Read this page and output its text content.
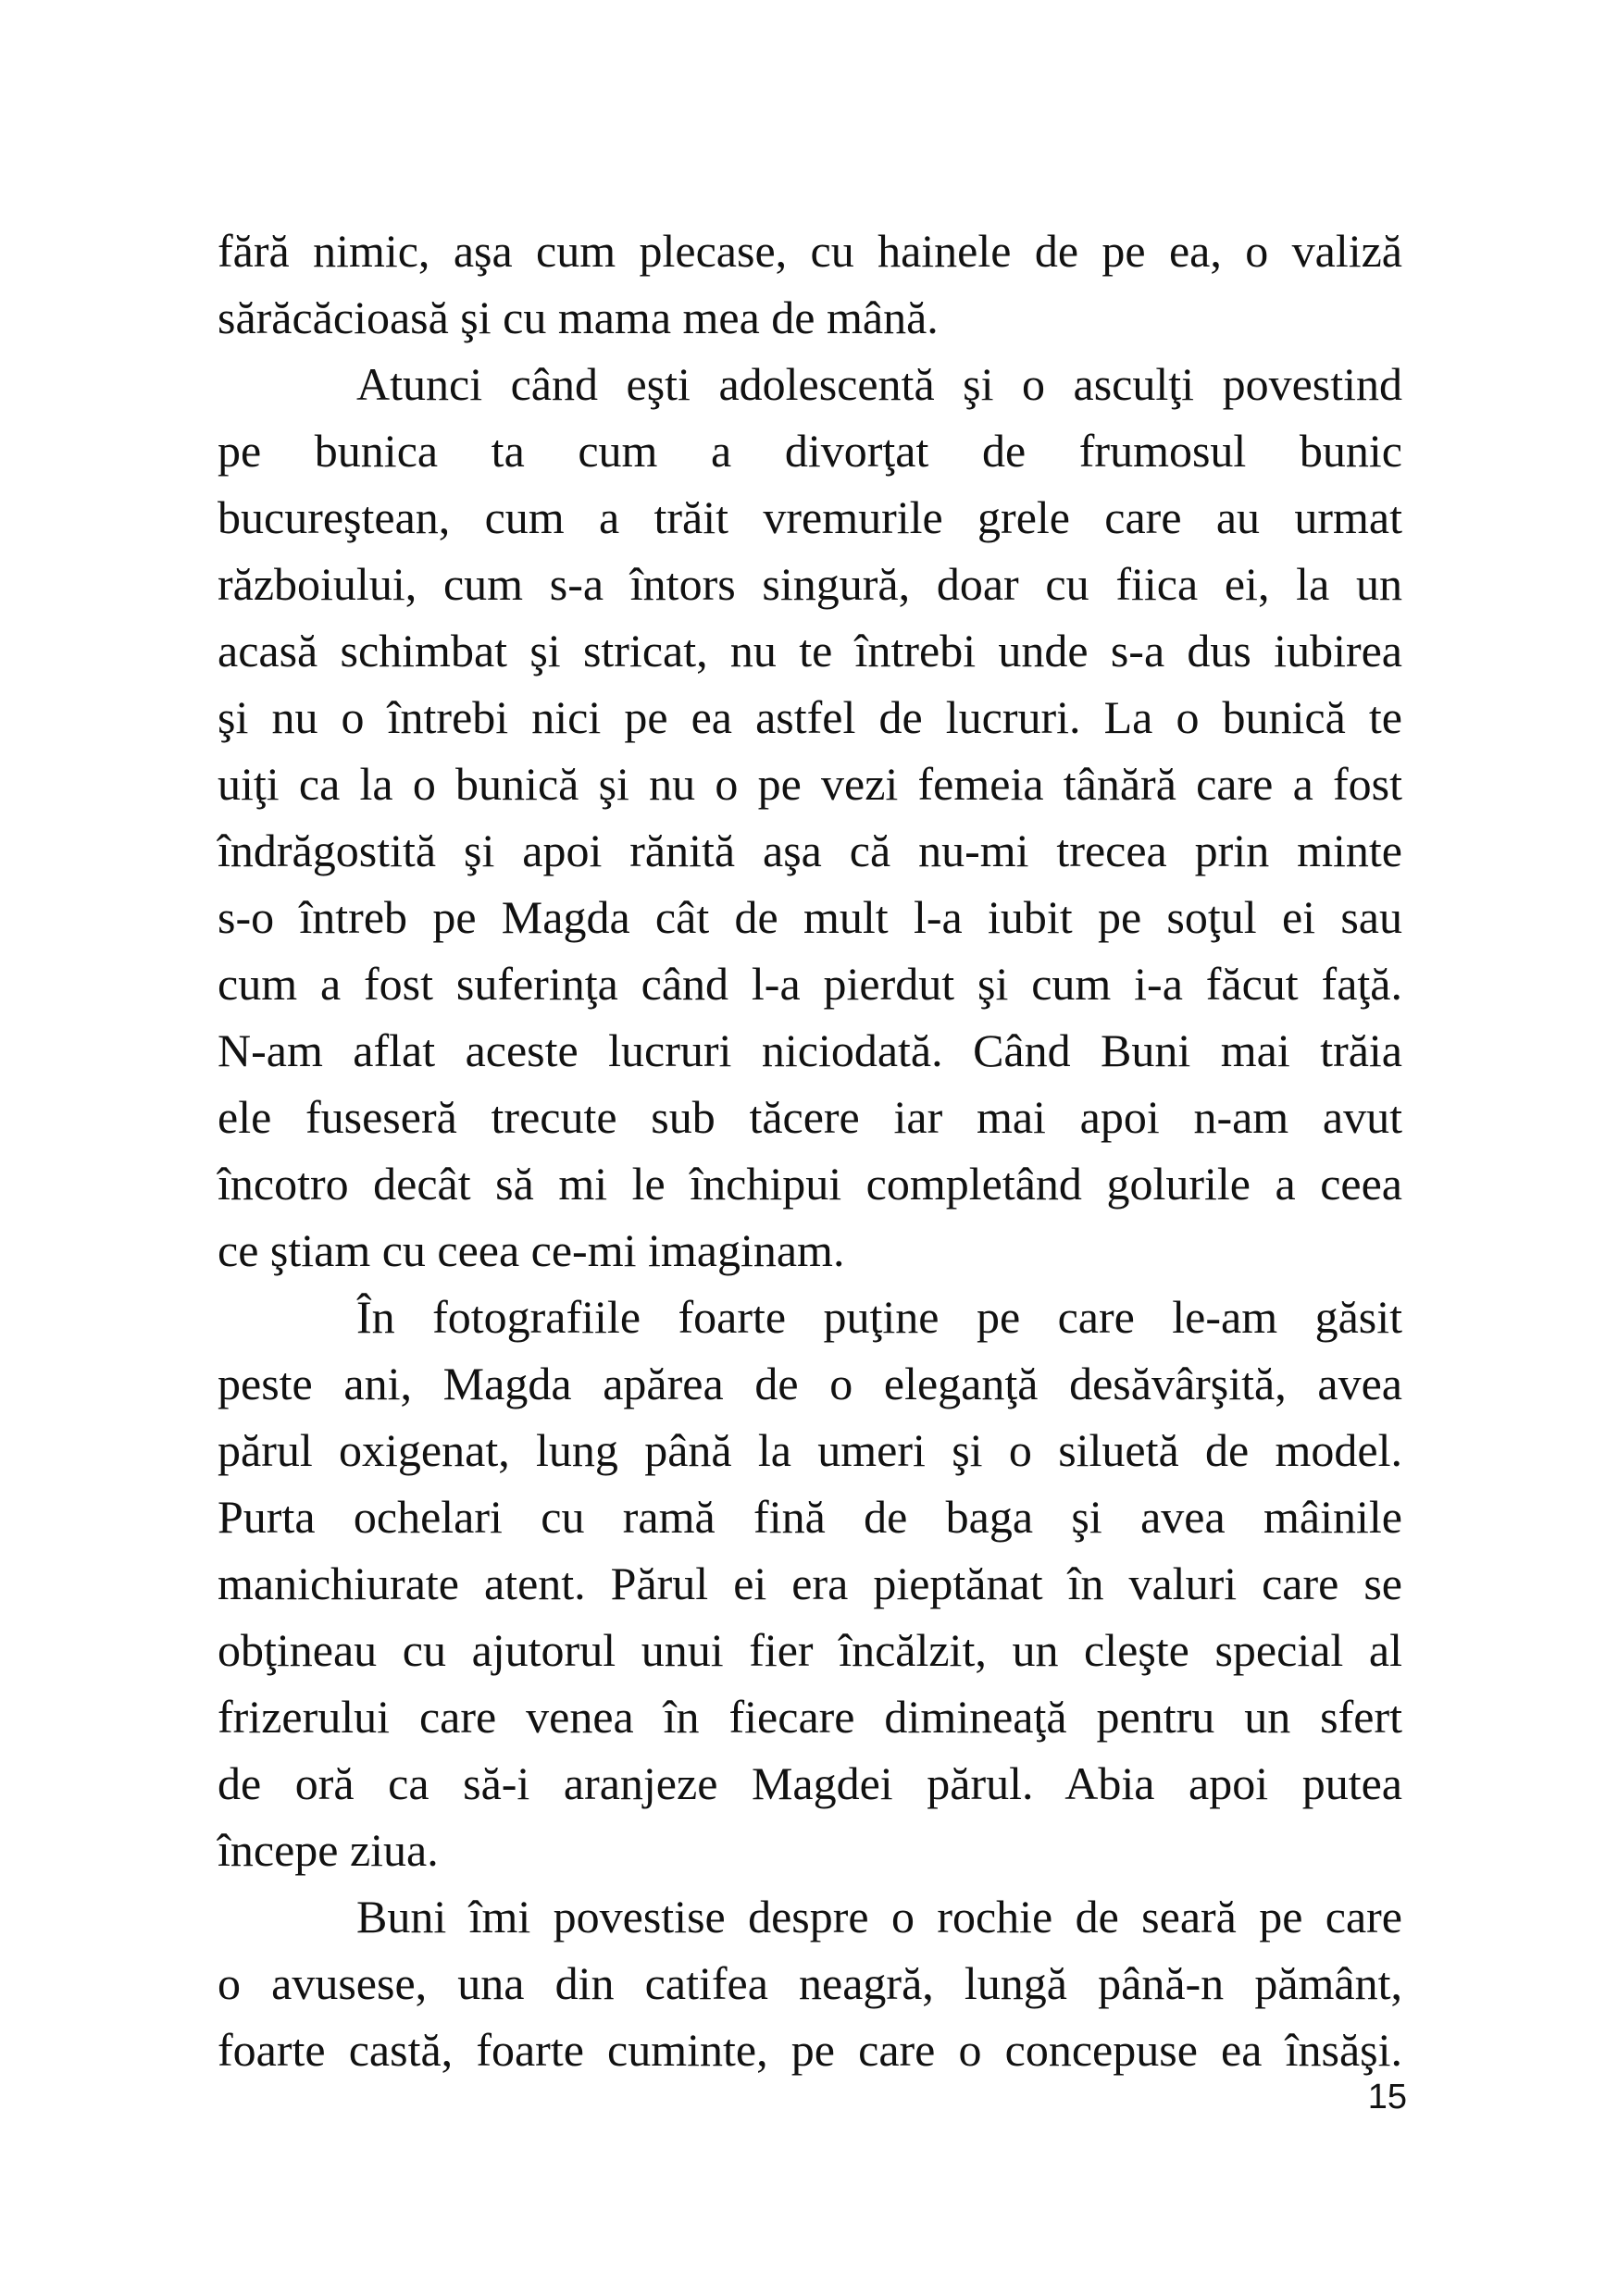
fără nimic, aşa cum plecase, cu hainele de pe ea, o valiză
sărăcăcioasă şi cu mama mea de mână.
Atunci când eşti adolescentă şi o asculţi povestind
pe bunica ta cum a divorţat de frumosul bunic
bucureştean, cum a trăit vremurile grele care au urmat
războiului, cum s-a întors singură, doar cu fiica ei, la un
acasă schimbat şi stricat, nu te întrebi unde s-a dus iubirea
şi nu o întrebi nici pe ea astfel de lucruri. La o bunică te
uiţi ca la o bunică şi nu o pe vezi femeia tânără care a fost
îndrăgostită şi apoi rănită aşa că nu-mi trecea prin minte
s-o întreb pe Magda cât de mult l-a iubit pe soţul ei sau
cum a fost suferinţa când l-a pierdut şi cum i-a făcut faţă.
N-am aflat aceste lucruri niciodată. Când Buni mai trăia
ele fuseseră trecute sub tăcere iar mai apoi n-am avut
încotro decât să mi le închipui completând golurile a ceea
ce ştiam cu ceea ce-mi imaginam.
În fotografiile foarte puţine pe care le-am găsit
peste ani, Magda apărea de o eleganţă desăvârşită, avea
părul oxigenat, lung până la umeri şi o siluetă de model.
Purta ochelari cu ramă fină de baga şi avea mâinile
manichiurate atent. Părul ei era pieptănat în valuri care se
obţineau cu ajutorul unui fier încălzit, un cleşte special al
frizerului care venea în fiecare dimineaţă pentru un sfert
de oră ca să-i aranjeze Magdei părul. Abia apoi putea
începe ziua.
Buni îmi povestise despre o rochie de seară pe care
o avusese, una din catifea neagră, lungă până-n pământ,
foarte castă, foarte cuminte, pe care o concepuse ea însăşi.
15
